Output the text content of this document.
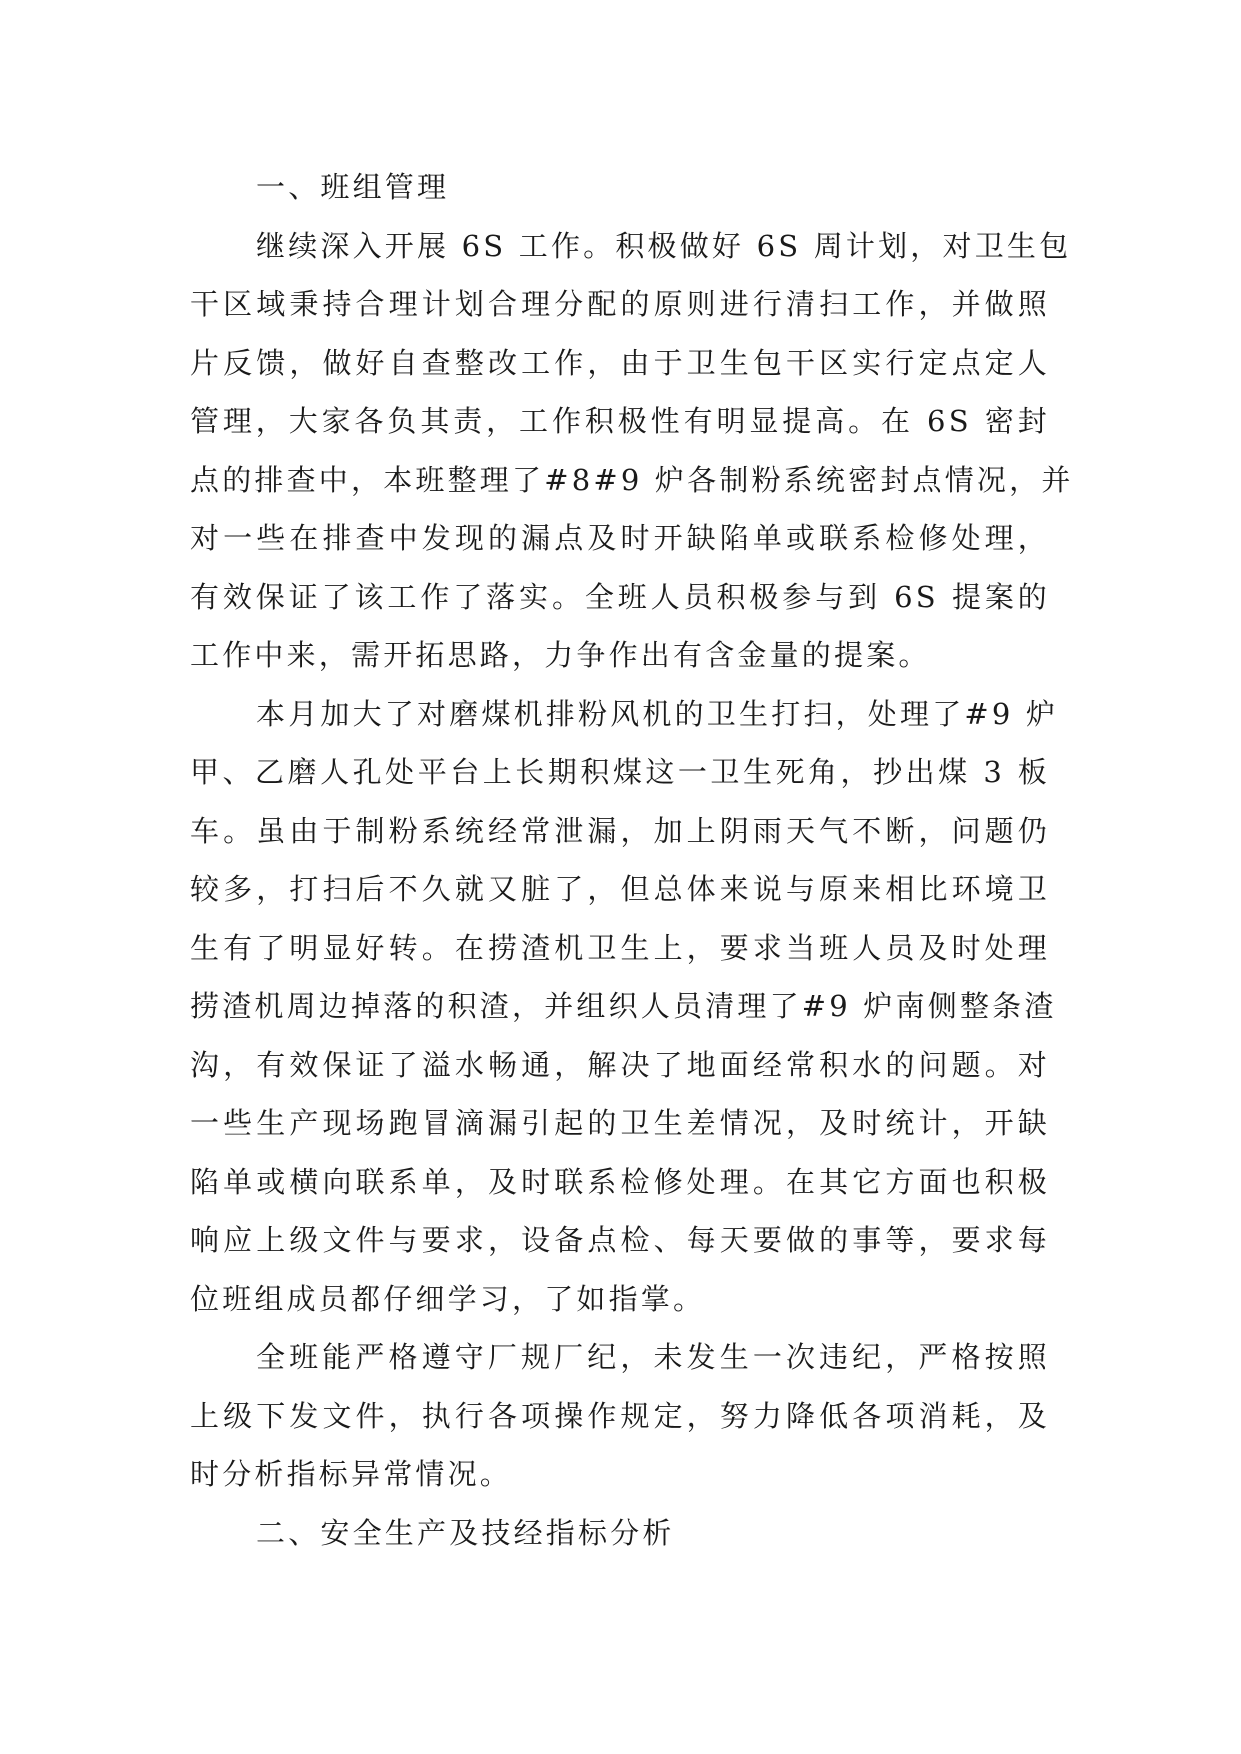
一、班组管理

继续深入开展 6S 工作。积极做好 6S 周计划，对卫生包
干区域秉持合理计划合理分配的原则进行清扫工作，并做照
片反馈，做好自查整改工作，由于卫生包干区实行定点定人
管理，大家各负其责，工作积极性有明显提高。在 6S 密封
点的排查中，本班整理了#8#9 炉各制粉系统密封点情况，并
对一些在排查中发现的漏点及时开缺陷单或联系检修处理，
有效保证了该工作了落实。全班人员积极参与到 6S 提案的
工作中来，需开拓思路，力争作出有含金量的提案。

本月加大了对磨煤机排粉风机的卫生打扫，处理了#9 炉
甲、乙磨人孔处平台上长期积煤这一卫生死角，抄出煤 3 板
车。虽由于制粉系统经常泄漏，加上阴雨天气不断，问题仍
较多，打扫后不久就又脏了，但总体来说与原来相比环境卫
生有了明显好转。在捞渣机卫生上，要求当班人员及时处理
捞渣机周边掉落的积渣，并组织人员清理了#9 炉南侧整条渣
沟，有效保证了溢水畅通，解决了地面经常积水的问题。对
一些生产现场跑冒滴漏引起的卫生差情况，及时统计，开缺
陷单或横向联系单，及时联系检修处理。在其它方面也积极
响应上级文件与要求，设备点检、每天要做的事等，要求每
位班组成员都仔细学习，了如指掌。

全班能严格遵守厂规厂纪，未发生一次违纪，严格按照
上级下发文件，执行各项操作规定，努力降低各项消耗，及
时分析指标异常情况。

二、安全生产及技经指标分析
